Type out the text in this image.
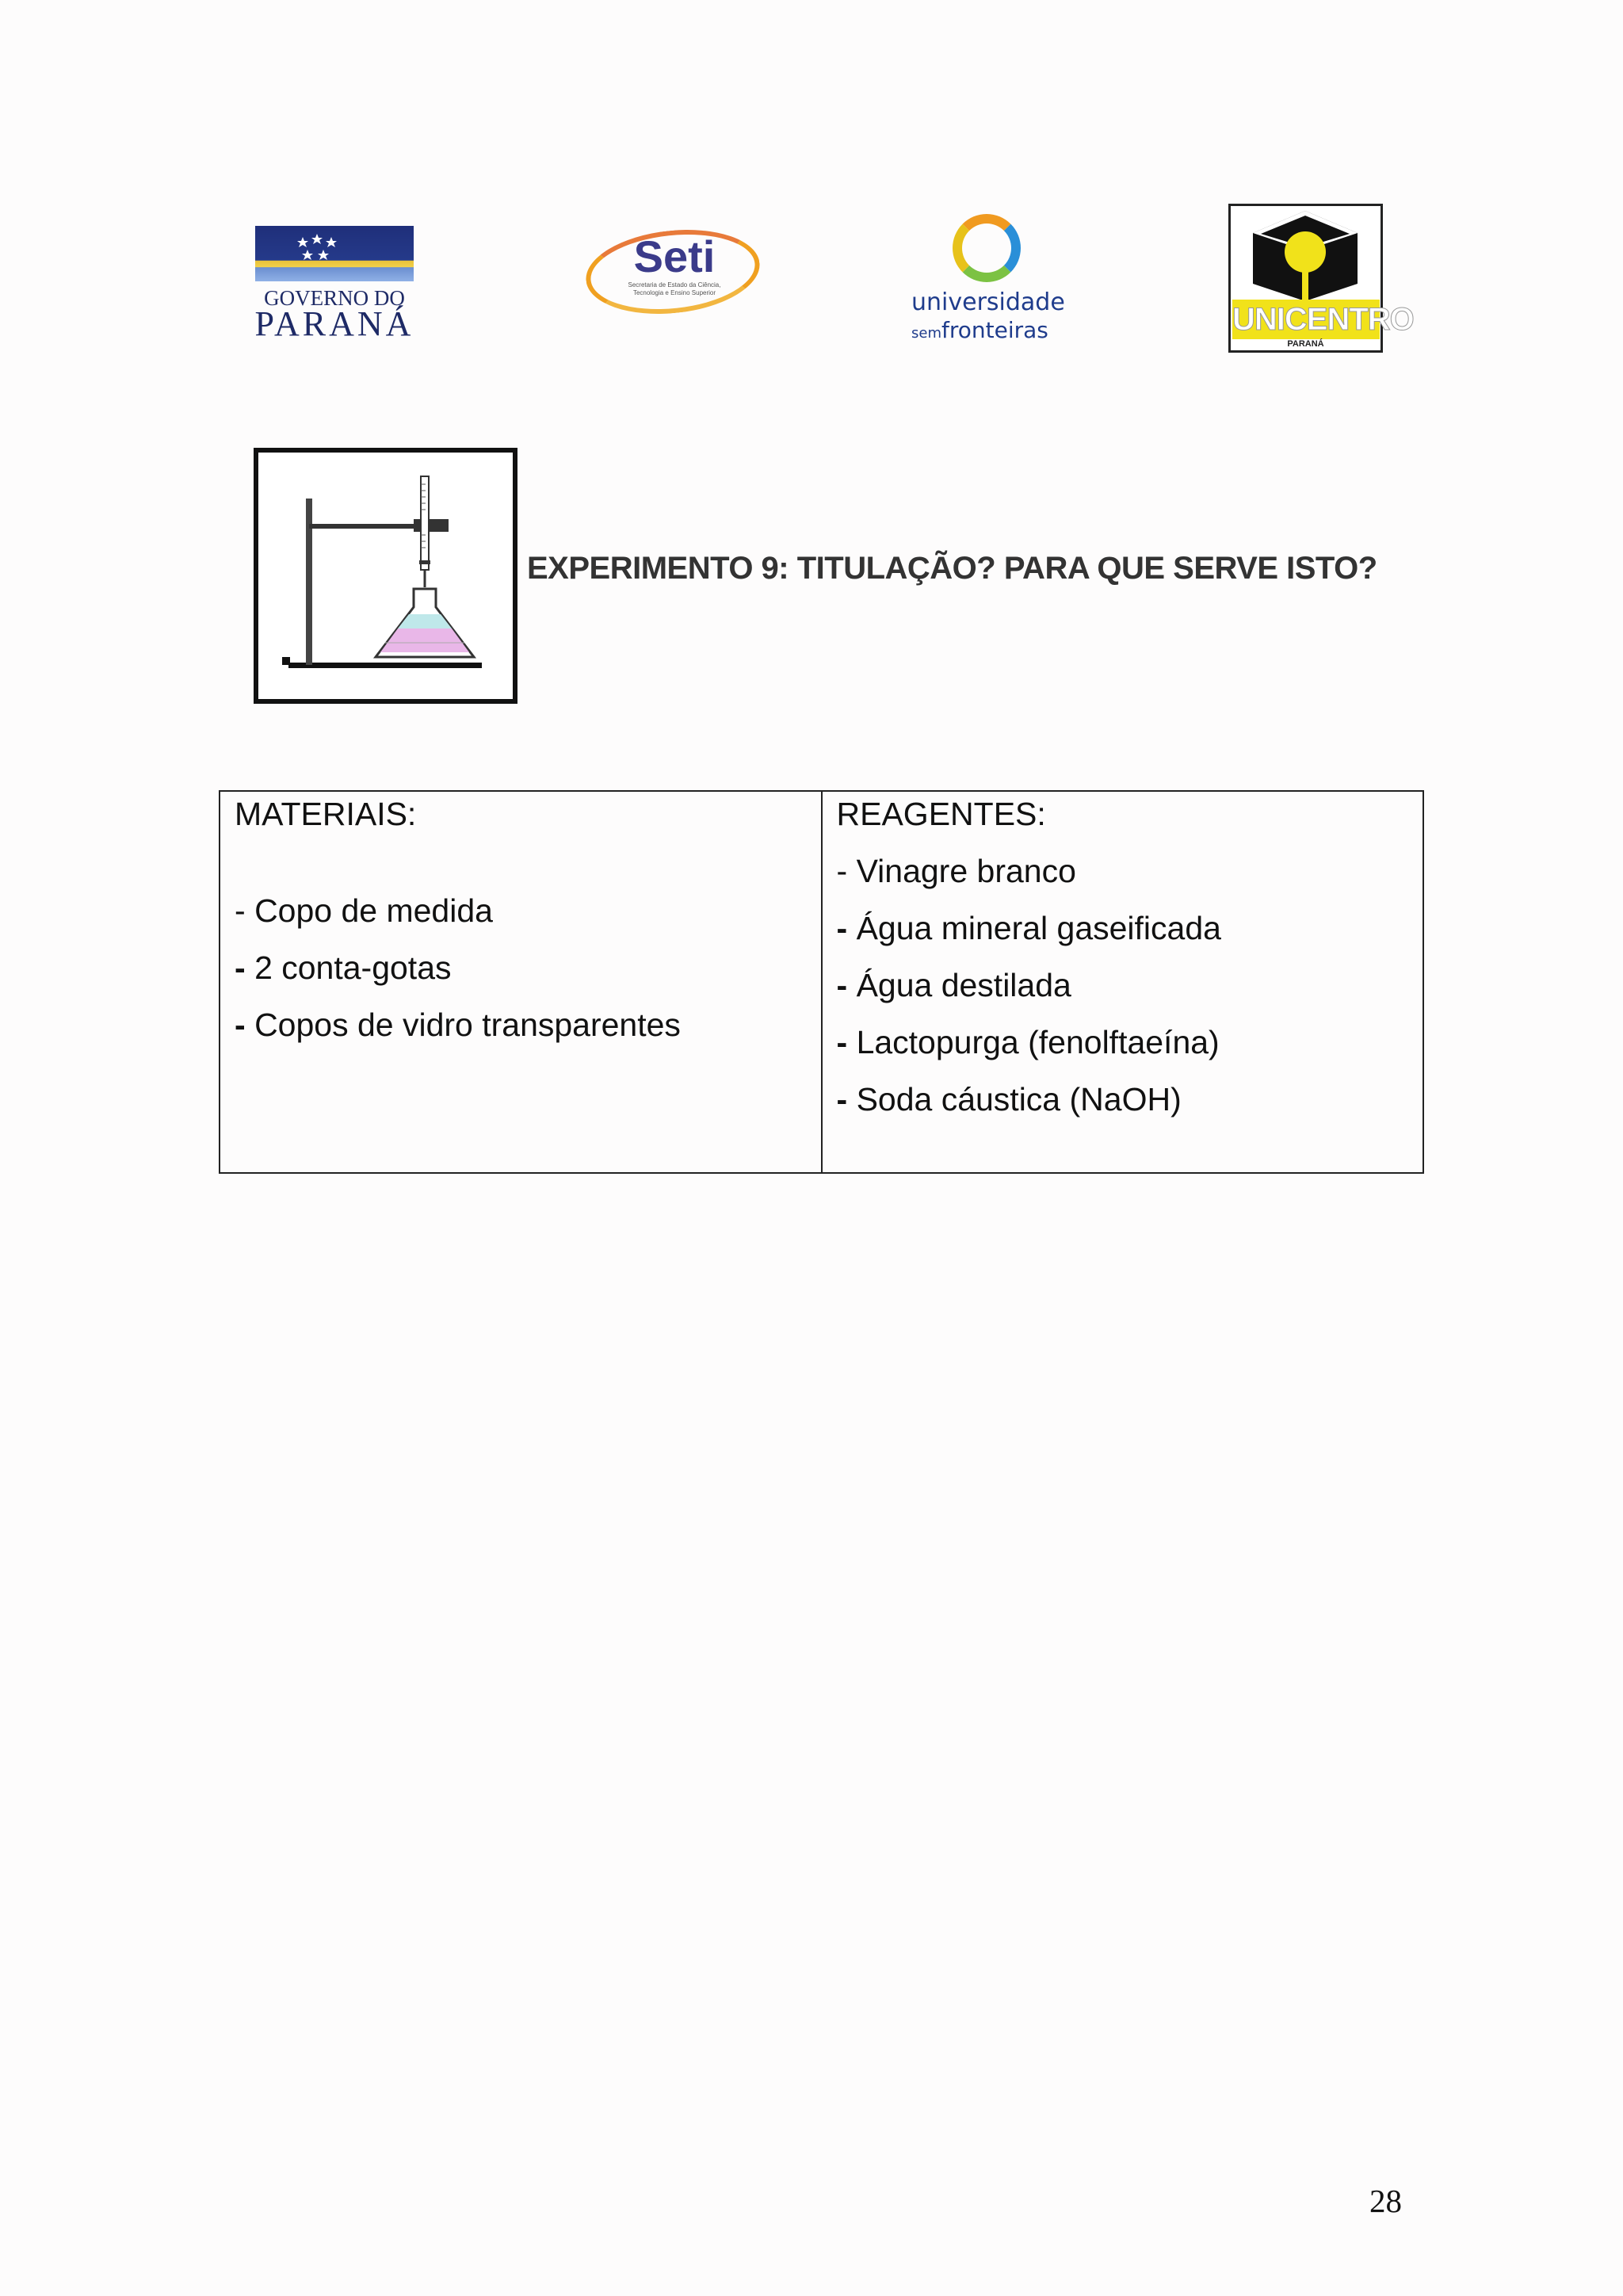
GOVERNO DO
PARANÁ
Seti
Secretaria de Estado da Ciência, Tecnologia e Ensino Superior	universidade
semfronteiras	UNICENTRO
PARANÁ
EXPERIMENTO 9: TITULAÇÃO? PARA QUE SERVE ISTO?
MATERIAIS:
- Copo de medida
- 2 conta-gotas
- Copos de vidro transparentes

REAGENTES:
- Vinagre branco
- Água mineral gaseificada
- Água destilada
- Lactopurga (fenolftaeína)
- Soda cáustica (NaOH)
28
